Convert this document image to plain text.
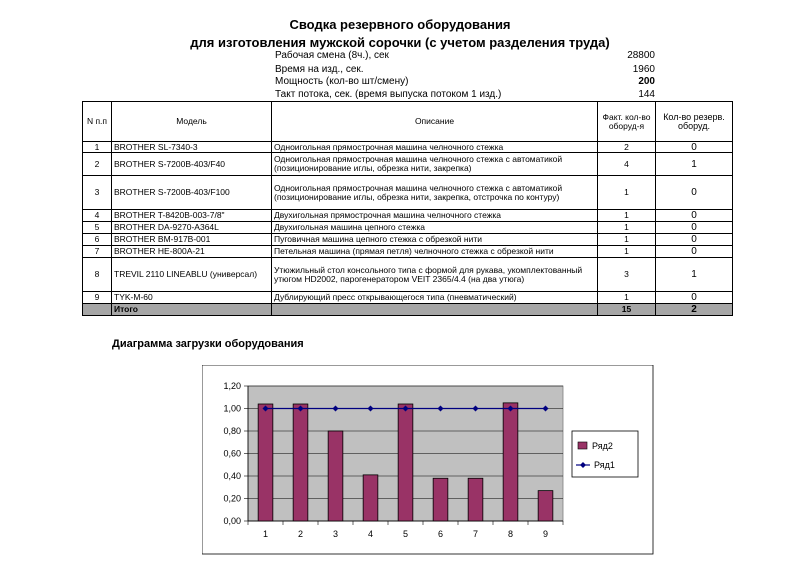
Сводка резервного оборудования
для изготовления мужской сорочки (с учетом разделения труда)
Рабочая смена (8ч.), сек	28800
Время на изд., сек.	1960
Мощность (кол-во шт/смену)	200
Такт потока, сек. (время выпуска потоком 1 изд.)	144
N п.п	Модель	Описание	Факт. кол-во оборуд-я	Кол-во резерв. оборуд.
1	BROTHER SL-7340-3	Одноигольная прямострочная машина челночного стежка	2	0
2	BROTHER S-7200B-403/F40	Одноигольная прямострочная машина челночного стежка с автоматикой (позиционирование иглы, обрезка нити, закрепка)	4	1
3	BROTHER S-7200B-403/F100	Одноигольная прямострочная машина челночного стежка с автоматикой (позиционирование иглы, обрезка нити, закрепка, отстрочка по контуру)	1	0
4	BROTHER T-8420B-003-7/8"	Двухигольная прямострочная машина челночного стежка	1	0
5	BROTHER DA-9270-A364L	Двухигольная машина цепного стежка	1	0
6	BROTHER BM-917B-001	Пуговичная машина цепного стежка с обрезкой нити	1	0
7	BROTHER HE-800A-21	Петельная машина (прямая петля) челночного стежка с обрезкой нити	1	0
8	TREVIL 2110 LINEABLU (универсал)	Утюжильный стол консольного типа с формой для рукава, укомплектованный утюгом HD2002, парогенератором VEIT 2365/4.4 (на два утюга)	3	1
9	TYK-M-60	Дублирующий пресс открывающегося типа (пневматический)	1	0
	Итого		15	2
Диаграмма загрузки оборудования
0,00
0,20
0,40
0,60
0,80
1,00
1,20
1	2	3	4	5	6	7	8	9
Ряд2
Ряд1
